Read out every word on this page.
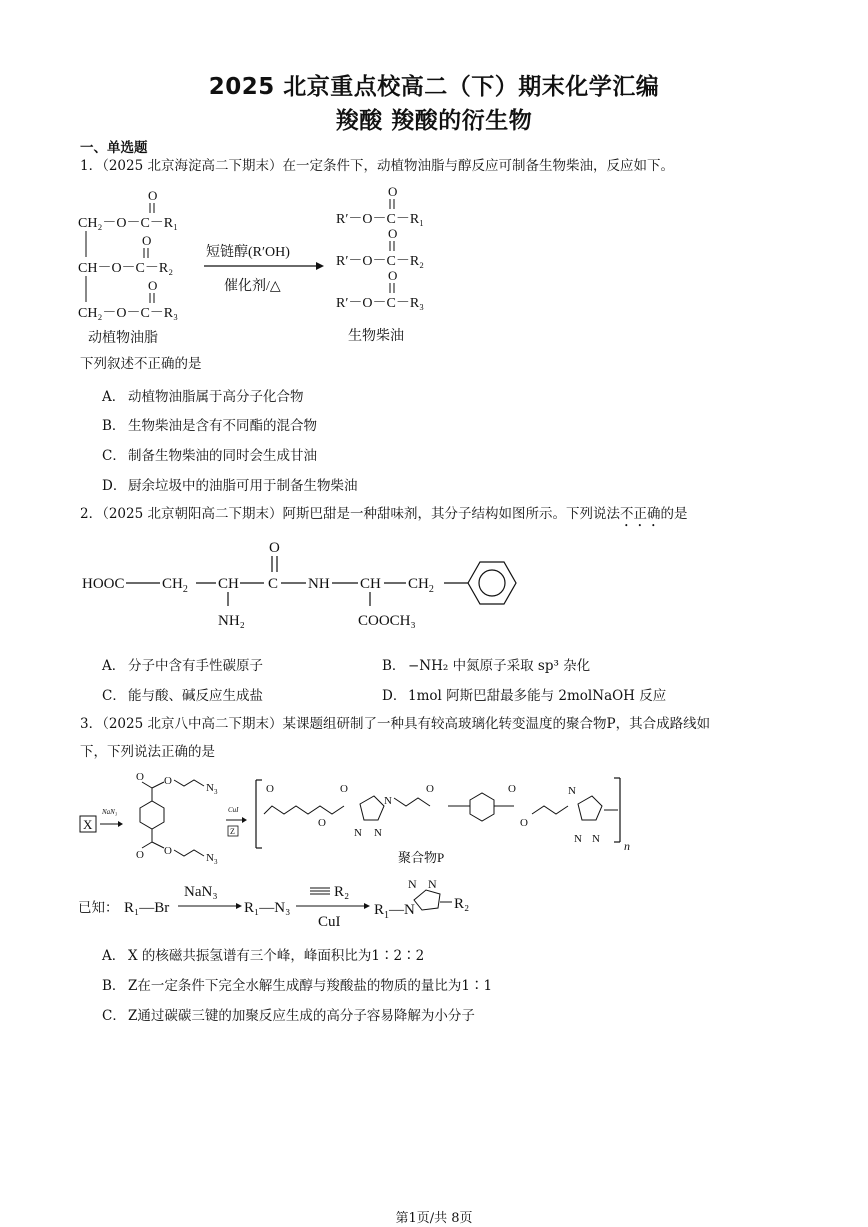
2025 北京重点校高二（下）期末化学汇编
羧酸 羧酸的衍生物
一、单选题
1．（2025 北京海淀高二下期末）在一定条件下，动植物油脂与醇反应可制备生物柴油，反应如下。
O
CH₂－O－C－R₁
O
CH－O－C－R₂
O
CH₂－O－C－R₃
动植物油脂
短链醇(R′OH)
催化剂/△
O
R′－O－C－R₁
O
R′－O－C－R₂
O
R′－O－C－R₃
生物柴油
下列叙述不正确的是
A． 动植物油脂属于高分子化合物
B． 生物柴油是含有不同酯的混合物
C． 制备生物柴油的同时会生成甘油
D． 厨余垃圾中的油脂可用于制备生物柴油
2．（2025 北京朝阳高二下期末）阿斯巴甜是一种甜味剂，其分子结构如图所示。下列说法不正确的是
HOOC $CH_2$ CH
NH₂
C
O
NH CH
COOCH₃
$CH_2$
A． 分子中含有手性碳原子	B． −NH₂ 中氮原子采取 sp³ 杂化
C． 能与酸、碱反应生成盐	D． 1mol 阿斯巴甜最多能与 2molNaOH 反应
3．（2025 北京八中高二下期末）某课题组研制了一种具有较高玻璃化转变温度的聚合物P，其合成路线如
下，下列说法正确的是
X
NaN₃
O O
$N_3$
O O
$N_3$
CuI
Z
O
O
O
N N
N
O	O
O
N
N N n
聚合物P
已知： R₁—Br
NaN₃
R₁—N₃
R₂
CuI
$R_1—N$
N N
R₂
A． X 的核磁共振氢谱有三个峰，峰面积比为1∶2∶2
B． Z在一定条件下完全水解生成醇与羧酸盐的物质的量比为1∶1
C． Z通过碳碳三键的加聚反应生成的高分子容易降解为小分子
第1页/共 8页
